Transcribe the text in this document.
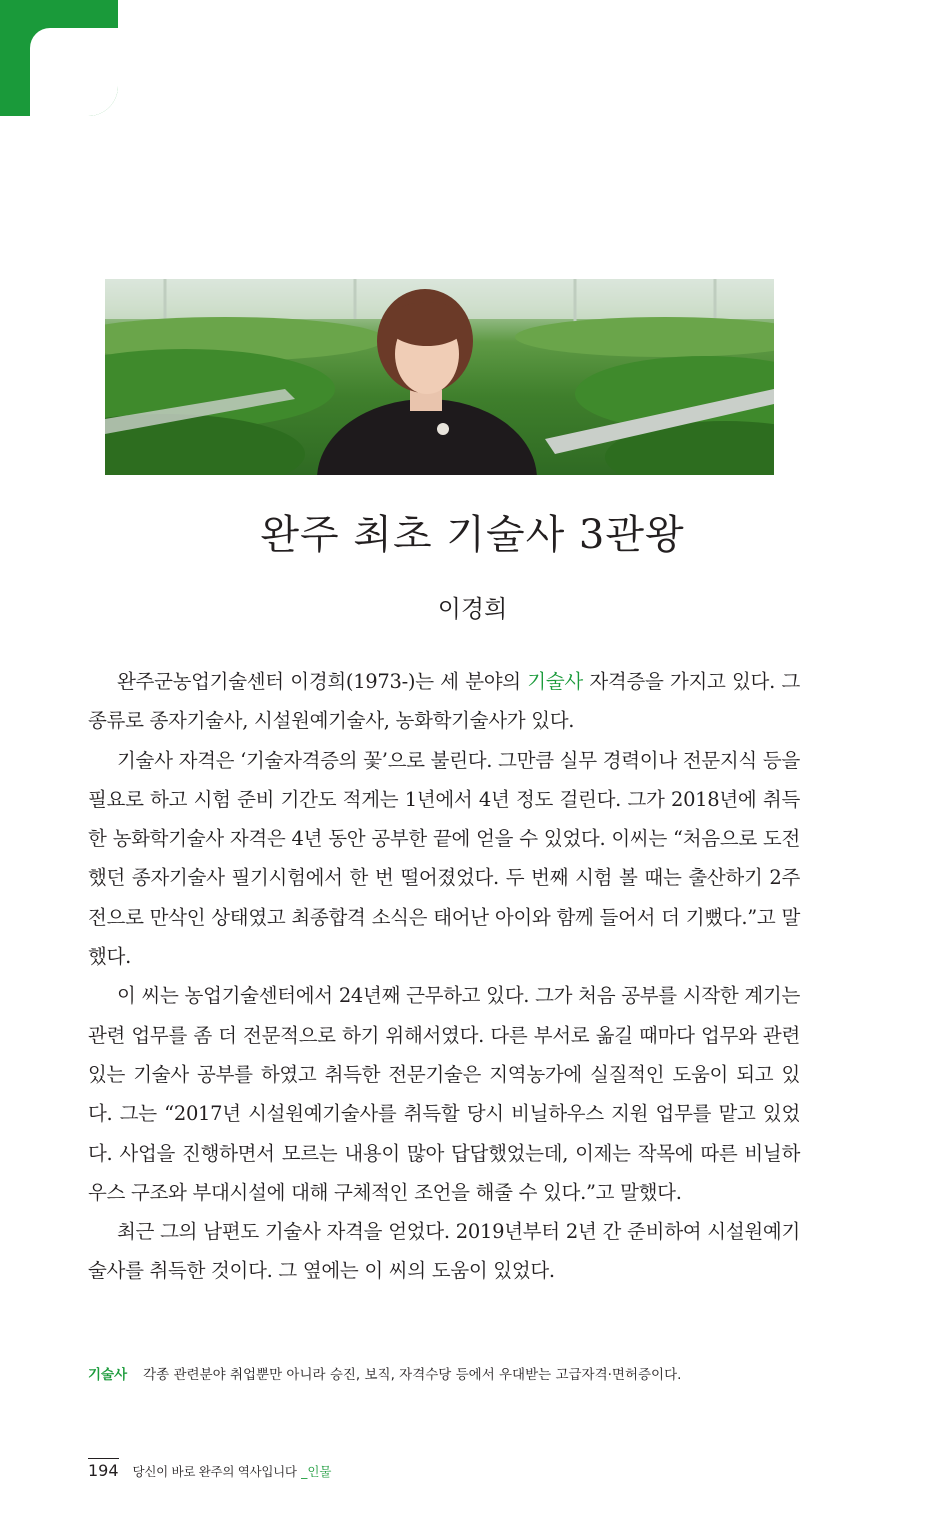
완주 최초 기술사 3관왕
이경희

완주군농업기술센터 이경희(1973-)는 세 분야의 기술사 자격증을 가지고 있다. 그 종류로 종자기술사, 시설원예기술사, 농화학기술사가 있다.

기술사 자격은 ‘기술자격증의 꽃’으로 불린다. 그만큼 실무 경력이나 전문지식 등을 필요로 하고 시험 준비 기간도 적게는 1년에서 4년 정도 걸린다. 그가 2018년에 취득한 농화학기술사 자격은 4년 동안 공부한 끝에 얻을 수 있었다. 이씨는 “처음으로 도전했던 종자기술사 필기시험에서 한 번 떨어졌었다. 두 번째 시험 볼 때는 출산하기 2주 전으로 만삭인 상태였고 최종합격 소식은 태어난 아이와 함께 들어서 더 기뻤다.”고 말했다.

이 씨는 농업기술센터에서 24년째 근무하고 있다. 그가 처음 공부를 시작한 계기는 관련 업무를 좀 더 전문적으로 하기 위해서였다. 다른 부서로 옮길 때마다 업무와 관련있는 기술사 공부를 하였고 취득한 전문기술은 지역농가에 실질적인 도움이 되고 있다. 그는 “2017년 시설원예기술사를 취득할 당시 비닐하우스 지원 업무를 맡고 있었다. 사업을 진행하면서 모르는 내용이 많아 답답했었는데, 이제는 작목에 따른 비닐하우스 구조와 부대시설에 대해 구체적인 조언을 해줄 수 있다.”고 말했다.

최근 그의 남편도 기술사 자격을 얻었다. 2019년부터 2년 간 준비하여 시설원예기술사를 취득한 것이다. 그 옆에는 이 씨의 도움이 있었다.

기술사 각종 관련분야 취업뿐만 아니라 승진, 보직, 자격수당 등에서 우대받는 고급자격·면허증이다.
194 당신이 바로 완주의 역사입니다 _인물
